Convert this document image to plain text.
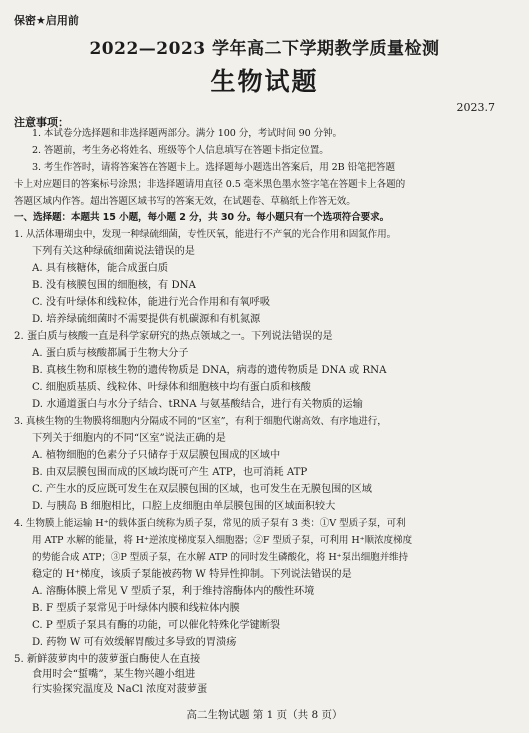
保密★启用前
2022—2023 学年高二下学期教学质量检测
生物试题
2023.7
注意事项：
1. 本试卷分选择题和非选择题两部分。满分 100 分，考试时间 90 分钟。
2. 答题前，考生务必将姓名、班级等个人信息填写在答题卡指定位置。
3. 考生作答时，请将答案答在答题卡上。选择题每小题选出答案后，用 2B 铅笔把答题
卡上对应题目的答案标号涂黑；非选择题请用直径 0.5 毫米黑色墨水签字笔在答题卡上各题的
答题区域内作答。超出答题区域书写的答案无效，在试题卷、草稿纸上作答无效。
一、选择题：本题共 15 小题，每小题 2 分，共 30 分。每小题只有一个选项符合要求。
1. 从活体珊瑚虫中，发现一种绿硫细菌，专性厌氧，能进行不产氧的光合作用和固氮作用。
下列有关这种绿硫细菌说法错误的是
A. 具有核糖体，能合成蛋白质
B. 没有核膜包围的细胞核，有 DNA
C. 没有叶绿体和线粒体，能进行光合作用和有氧呼吸
D. 培养绿硫细菌时不需要提供有机碳源和有机氮源
2. 蛋白质与核酸一直是科学家研究的热点领域之一。下列说法错误的是
A. 蛋白质与核酸都属于生物大分子
B. 真核生物和原核生物的遗传物质是 DNA，病毒的遗传物质是 DNA 或 RNA
C. 细胞质基质、线粒体、叶绿体和细胞核中均有蛋白质和核酸
D. 水通道蛋白与水分子结合、tRNA 与氨基酸结合，进行有关物质的运输
3. 真核生物的生物膜将细胞内分隔成不同的“区室”，有利于细胞代谢高效、有序地进行，
下列关于细胞内的不同“区室”说法正确的是
A. 植物细胞的色素分子只储存于双层膜包围成的区域中
B. 由双层膜包围而成的区域均既可产生 ATP，也可消耗 ATP
C. 产生水的反应既可发生在双层膜包围的区域，也可发生在无膜包围的区域
D. 与胰岛 B 细胞相比，口腔上皮细胞由单层膜包围的区域面积较大
4. 生物膜上能运输 H⁺的载体蛋白统称为质子泵，常见的质子泵有 3 类：①V 型质子泵，可利
用 ATP 水解的能量，将 H⁺逆浓度梯度泵入细胞器；②F 型质子泵，可利用 H⁺顺浓度梯度
的势能合成 ATP；③P 型质子泵，在水解 ATP 的同时发生磷酸化，将 H⁺泵出细胞并维持
稳定的 H⁺梯度，该质子泵能被药物 W 特异性抑制。下列说法错误的是
A. 溶酶体膜上常见 V 型质子泵，利于维持溶酶体内的酸性环境
B. F 型质子泵常见于叶绿体内膜和线粒体内膜
C. P 型质子泵具有酶的功能，可以催化特殊化学键断裂
D. 药物 W 可有效缓解胃酸过多导致的胃溃疡
5. 新鲜菠萝肉中的菠萝蛋白酶使人在直接
食用时会“蜇嘴”，某生物兴趣小组进
行实验探究温度及 NaCl 浓度对菠萝蛋
高二生物试题 第 1 页（共 8 页）
